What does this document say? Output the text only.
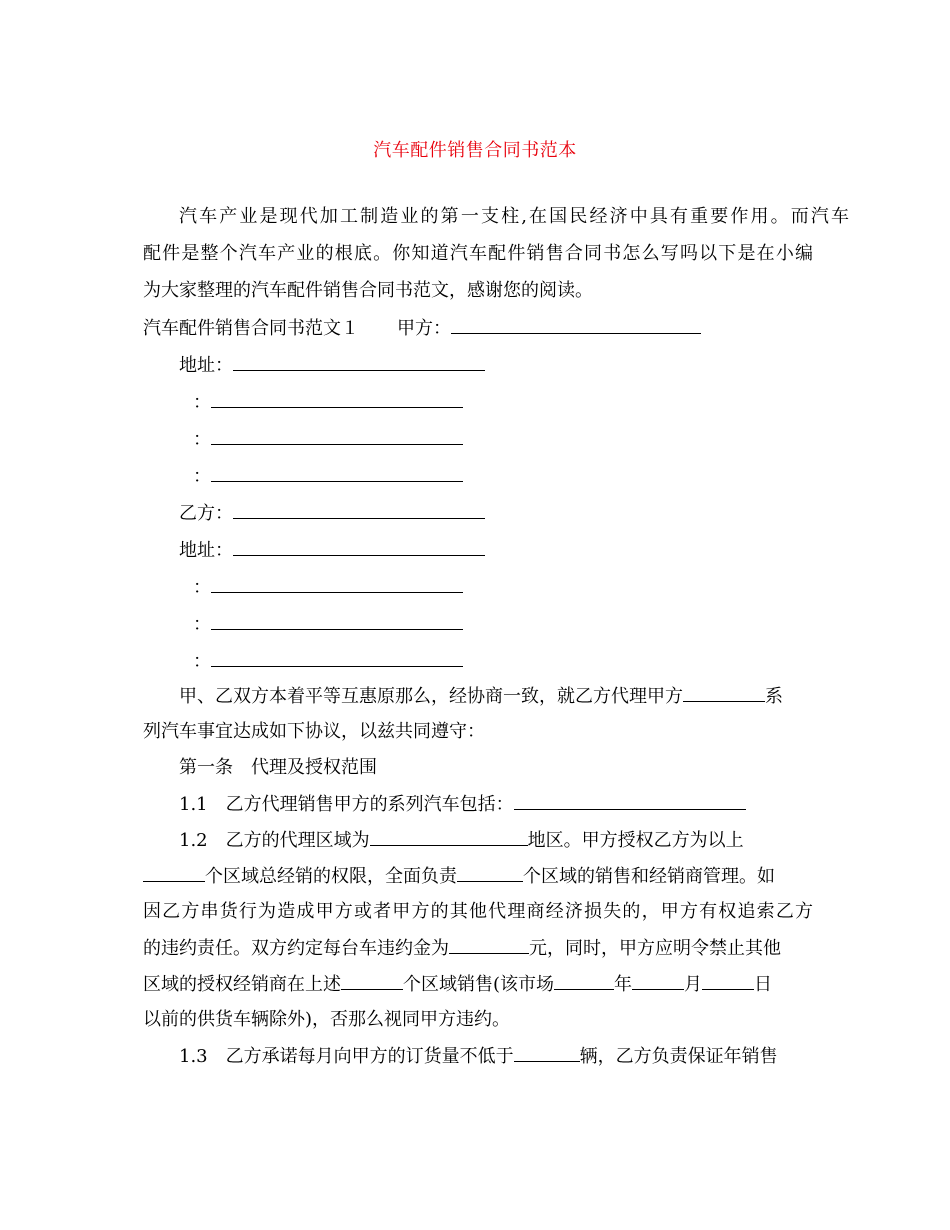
汽车配件销售合同书范本
汽车产业是现代加工制造业的第一支柱,在国民经济中具有重要作用。而汽车
配件是整个汽车产业的根底。你知道汽车配件销售合同书怎么写吗以下是在小编
为大家整理的汽车配件销售合同书范文，感谢您的阅读。
汽车配件销售合同书范文１ 甲方：
地址：
：
：
：
乙方：
地址：
：
：
：
甲、乙双方本着平等互惠原那么，经协商一致，就乙方代理甲方	系
列汽车事宜达成如下协议，以兹共同遵守：
第一条　代理及授权范围
1.1　乙方代理销售甲方的系列汽车包括：
1.2　乙方的代理区域为	地区。甲方授权乙方为以上
个区域总经销的权限，全面负责	个区域的销售和经销商管理。如
因乙方串货行为造成甲方或者甲方的其他代理商经济损失的，甲方有权追索乙方
的违约责任。双方约定每台车违约金为	元，同时，甲方应明令禁止其他
区域的授权经销商在上述	个区域销售(该市场	年	月	日
以前的供货车辆除外)，否那么视同甲方违约。
1.3　乙方承诺每月向甲方的订货量不低于	辆，乙方负责保证年销售
